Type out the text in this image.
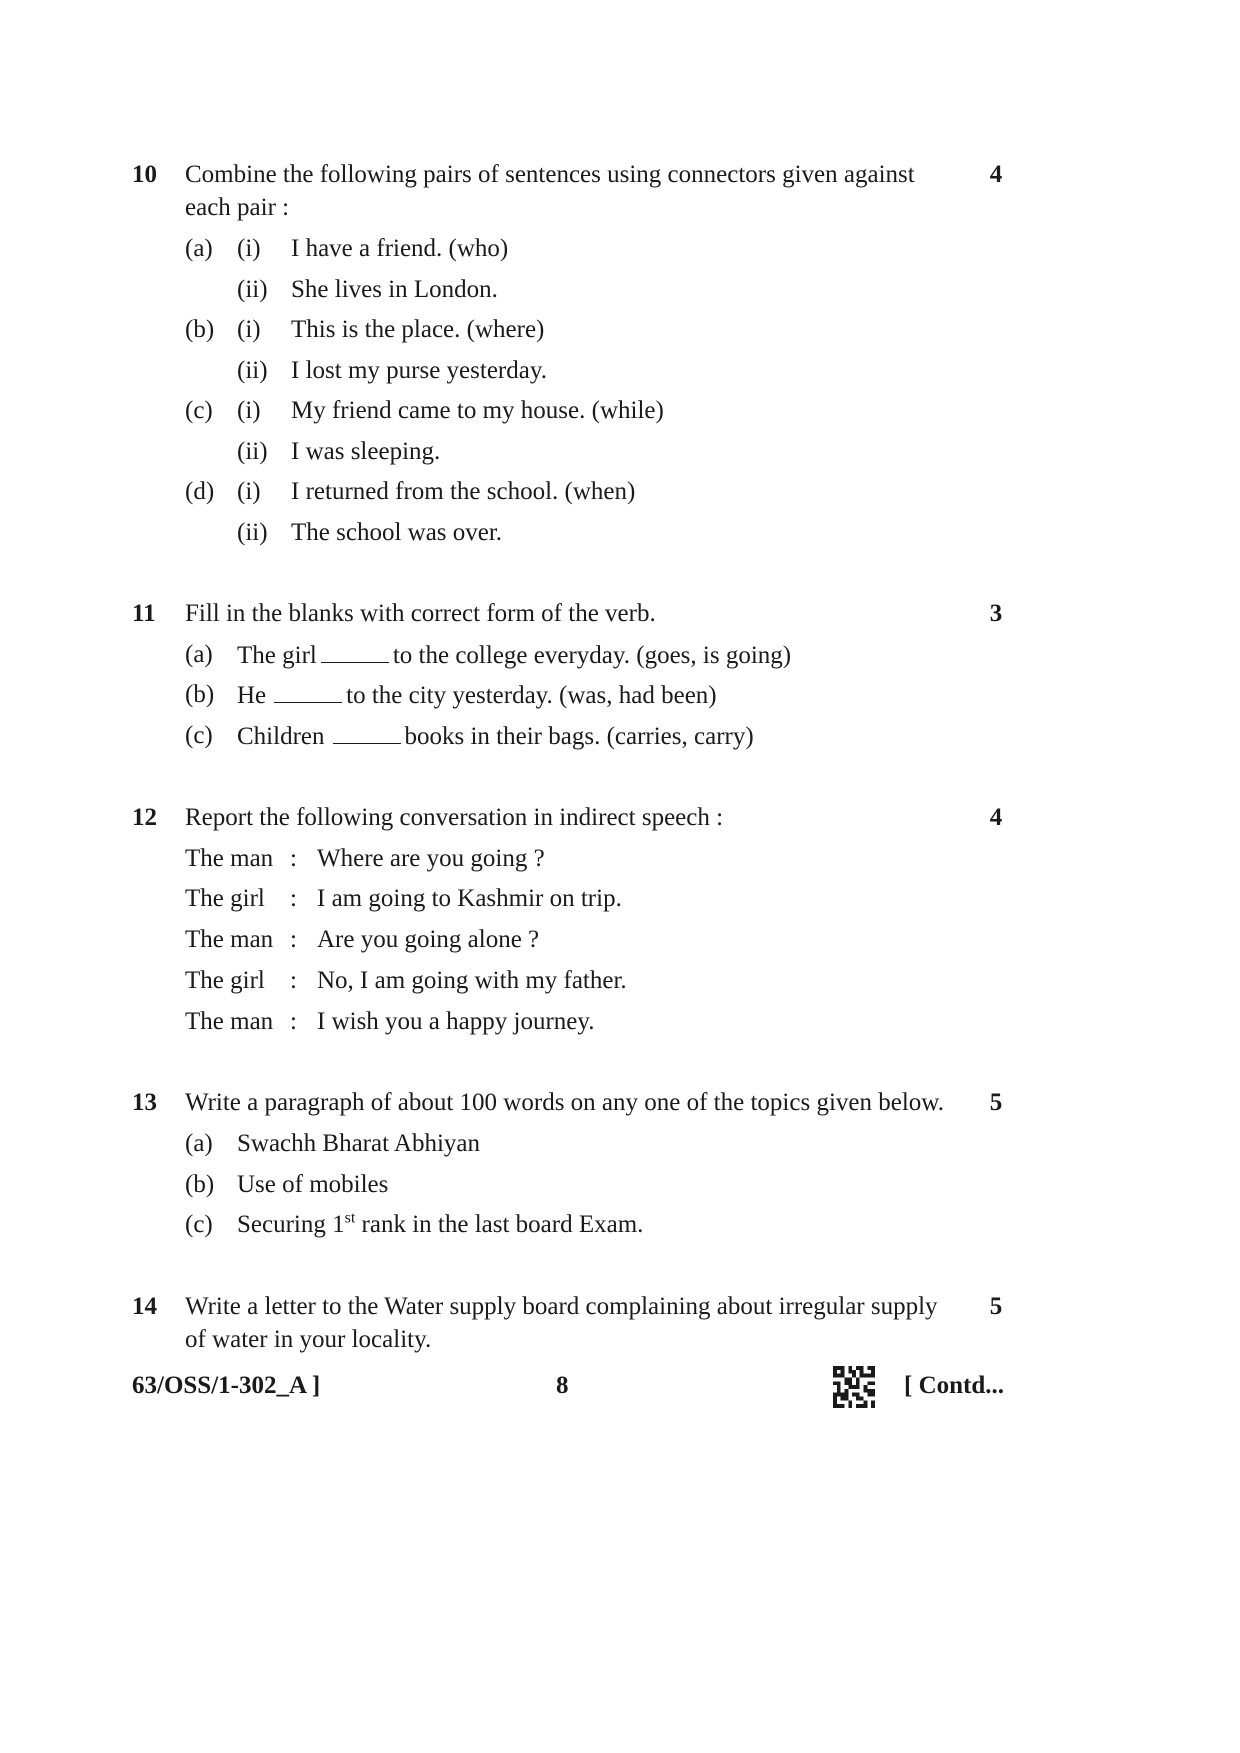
10 Combine the following pairs of sentences using connectors given against
each pair :
4
(a) (i) I have a friend. (who)
(ii) She lives in London.
(b) (i) This is the place. (where)
(ii) I lost my purse yesterday.
(c) (i) My friend came to my house. (while)
(ii) I was sleeping.
(d) (i) I returned from the school. (when)
(ii) The school was over.
11 Fill in the blanks with correct form of the verb.	3
(a) The girl	to the college everyday. (goes, is going)
(b) He	to the city yesterday. (was, had been)
(c) Children	books in their bags. (carries, carry)
12 Report the following conversation in indirect speech :	4
The man : Where are you going ?
The girl : I am going to Kashmir on trip.
The man : Are you going alone ?
The girl : No, I am going with my father.
The man : I wish you a happy journey.
13 Write a paragraph of about 100 words on any one of the topics given below.	5
(a) Swachh Bharat Abhiyan
(b) Use of mobiles
(c) Securing 1st rank in the last board Exam.
14 Write a letter to the Water supply board complaining about irregular supply
of water in your locality.
5
63/OSS/1-302_A ]	8	[ Contd...
